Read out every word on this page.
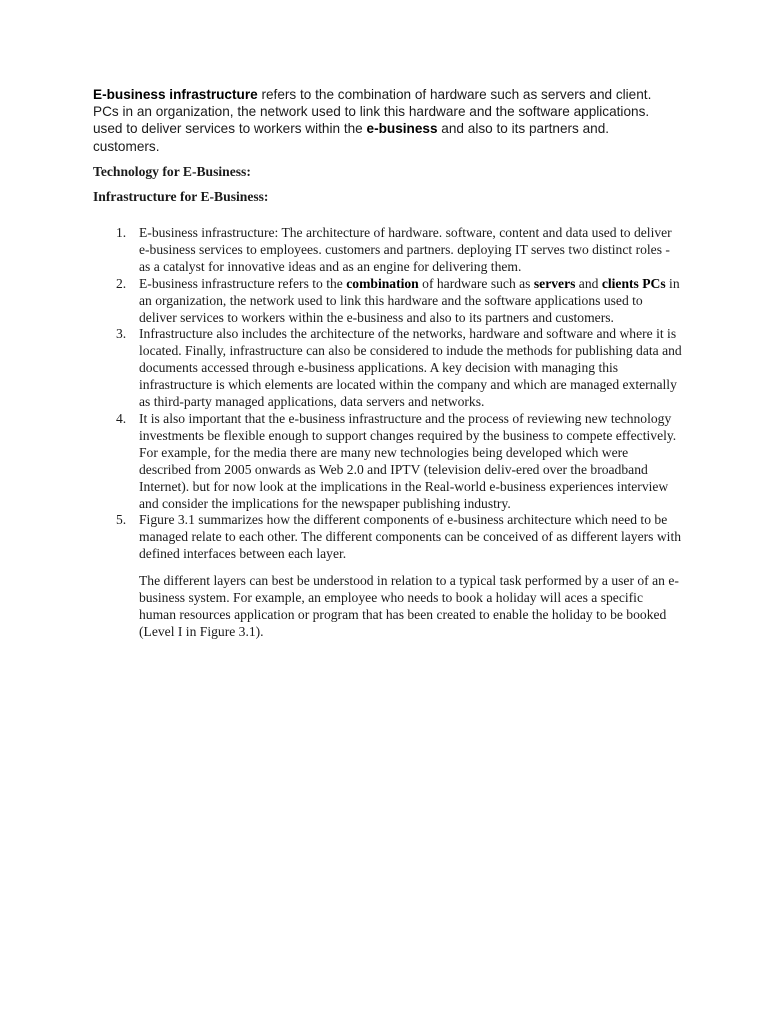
E-business infrastructure refers to the combination of hardware such as servers and client. PCs in an organization, the network used to link this hardware and the software applications. used to deliver services to workers within the e-business and also to its partners and. customers.

Technology for E-Business:

Infrastructure for E-Business:

1. E-business infrastructure: The architecture of hardware. software, content and data used to deliver e-business services to employees. customers and partners. deploying IT serves two distinct roles - as a catalyst for innovative ideas and as an engine for delivering them.
2. E-business infrastructure refers to the combination of hardware such as servers and clients PCs in an organization, the network used to link this hardware and the software applications used to deliver services to workers within the e-business and also to its partners and customers.
3. Infrastructure also includes the architecture of the networks, hardware and software and where it is located. Finally, infrastructure can also be considered to indude the methods for publishing data and documents accessed through e-business applications. A key decision with managing this infrastructure is which elements are located within the company and which are managed externally as third-party managed applications, data servers and networks.
4. It is also important that the e-business infrastructure and the process of reviewing new technology investments be flexible enough to support changes required by the business to compete effectively. For example, for the media there are many new technologies being developed which were described from 2005 onwards as Web 2.0 and IPTV (television deliv-ered over the broadband Internet). but for now look at the implications in the Real-world e-business experiences interview and consider the implications for the newspaper publishing industry.
5. Figure 3.1 summarizes how the different components of e-business architecture which need to be managed relate to each other. The different components can be conceived of as different layers with defined interfaces between each layer.

The different layers can best be understood in relation to a typical task performed by a user of an e-business system. For example, an employee who needs to book a holiday will aces a specific human resources application or program that has been created to enable the holiday to be booked (Level I in Figure 3.1).
